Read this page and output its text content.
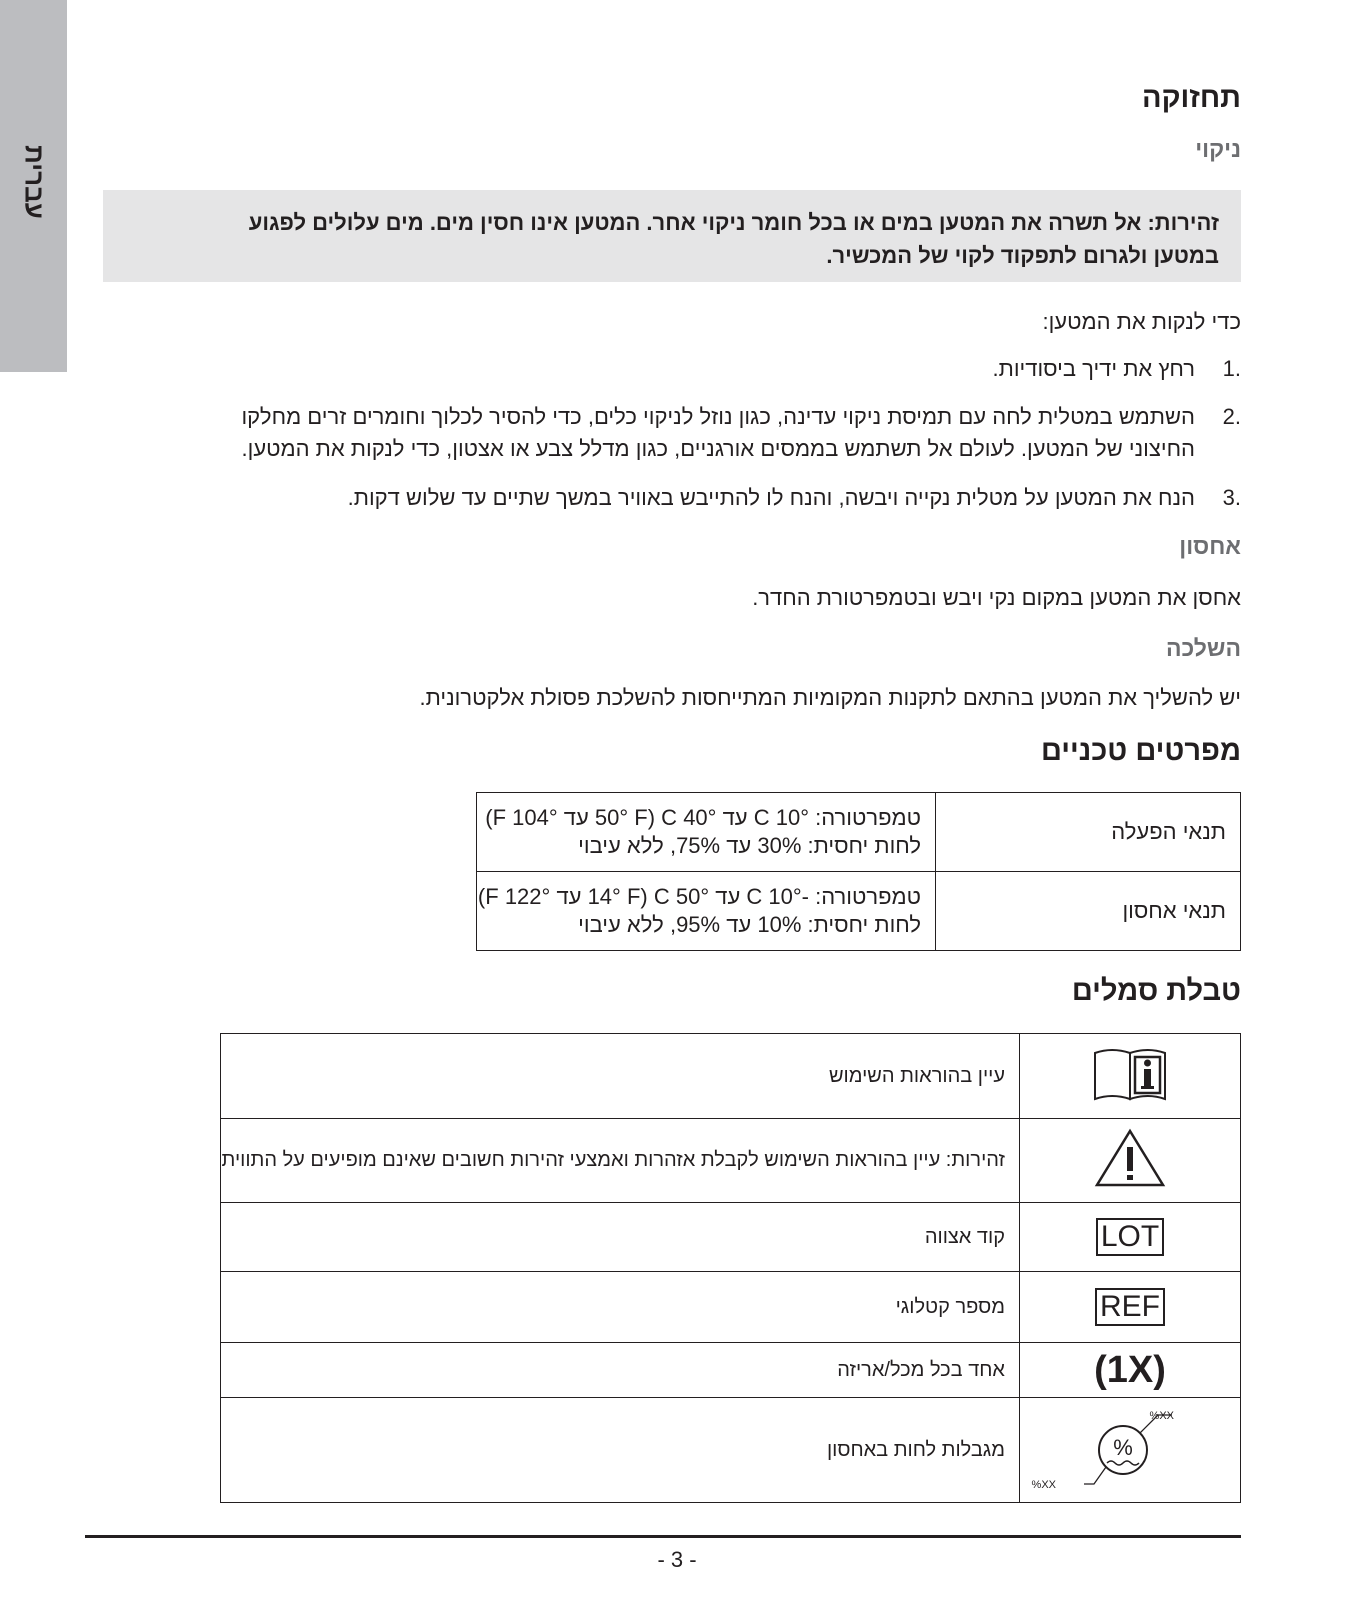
עברית
תחזוקה
ניקוי
זהירות: אל תשרה את המטען במים או בכל חומר ניקוי אחר. המטען אינו חסין מים. מים עלולים לפגוע
במטען ולגרום לתפקוד לקוי של המכשיר.

כדי לנקות את המטען:

1.
רחץ את ידיך ביסודיות.
2.
השתמש במטלית לחה עם תמיסת ניקוי עדינה, כגון נוזל לניקוי כלים, כדי להסיר לכלוך וחומרים זרים מחלקו
החיצוני של המטען. לעולם אל תשתמש בממסים אורגניים, כגון מדלל צבע או אצטון, כדי לנקות את המטען.
3.
הנח את המטען על מטלית נקייה ויבשה, והנח לו להתייבש באוויר במשך שתיים עד שלוש דקות.
אחסון

אחסן את המטען במקום נקי ויבש ובטמפרטורת החדר.

השלכה

יש להשליך את המטען בהתאם לתקנות המקומיות המתייחסות להשלכת פסולת אלקטרונית.

מפרטים טכניים
תנאי הפעלה	טמפרטורה: 10° C עד 40° C (50° F עד 104° F)
לחות יחסית: 30% עד 75%, ללא עיבוי

תנאי אחסון	טמפרטורה: -10° C עד 50° C (14° F עד 122° F)
לחות יחסית: 10% עד 95%, ללא עיבוי
טבלת סמלים
	עיין בהוראות השימוש
	זהירות: עיין בהוראות השימוש לקבלת אזהרות ואמצעי זהירות חשובים שאינם מופיעים על התווית
LOT	קוד אצווה
REF	מספר קטלוגי
(1X)	אחד בכל מכל/אריזה

%
XX%
XX%	מגבלות לחות באחסון
- 3 -
